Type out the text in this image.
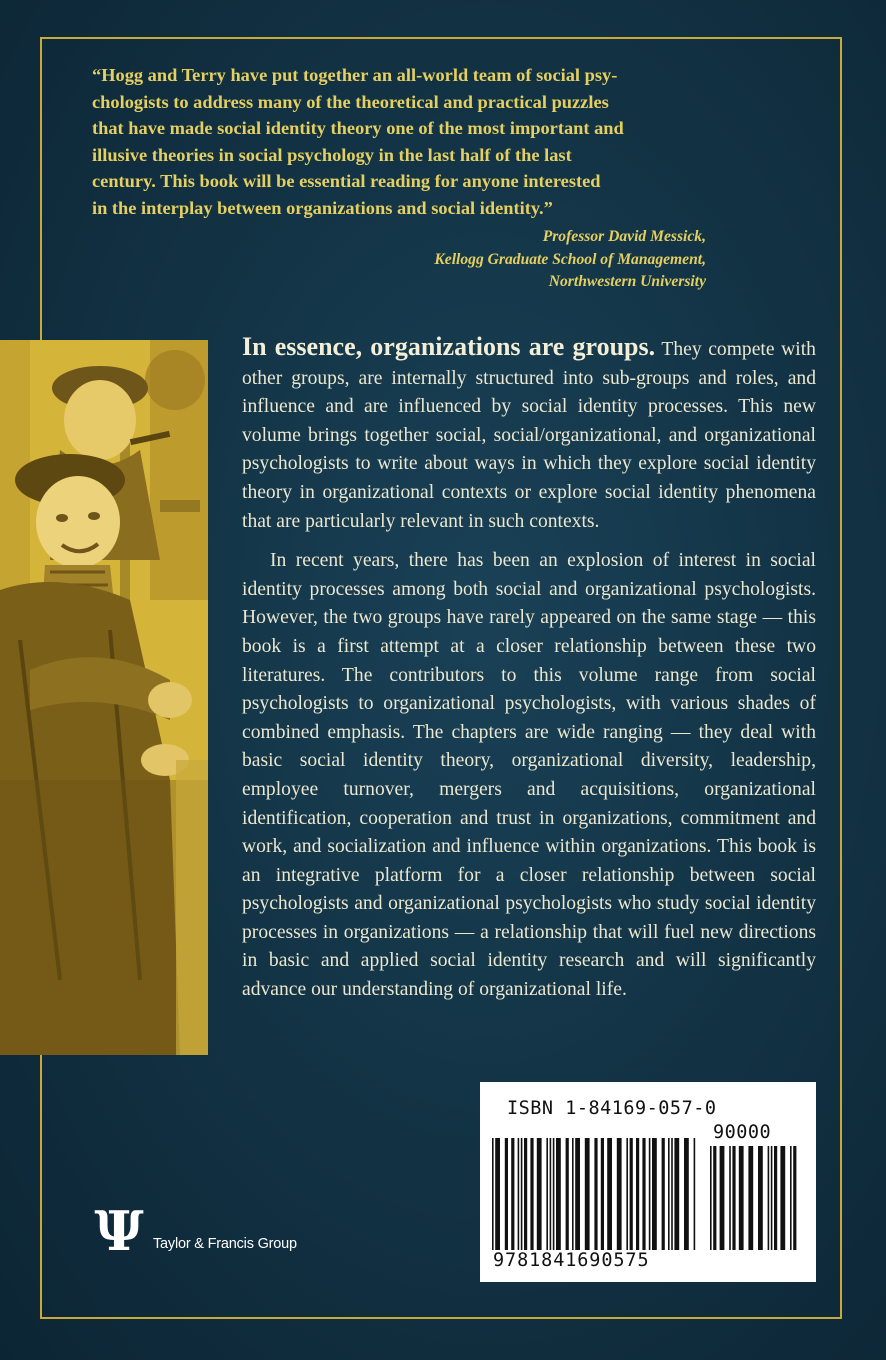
“Hogg and Terry have put together an all-world team of social psy-
chologists to address many of the theoretical and practical puzzles
that have made social identity theory one of the most important and
illusive theories in social psychology in the last half of the last
century. This book will be essential reading for anyone interested
in the interplay between organizations and social identity.”
Professor David Messick,
Kellogg Graduate School of Management,
Northwestern University

In essence, organizations are groups. They compete with other groups, are internally structured into sub-groups and roles, and influence and are influenced by social identity processes. This new volume brings together social, social/organizational, and organizational psychologists to write about ways in which they explore social identity theory in organizational contexts or explore social identity phenomena that are particularly relevant in such contexts.

In recent years, there has been an explosion of interest in social identity processes among both social and organizational psychologists. However, the two groups have rarely appeared on the same stage — this book is a first attempt at a closer relationship between these two literatures. The contributors to this volume range from social psychologists to organizational psychologists, with various shades of combined emphasis. The chapters are wide ranging — they deal with basic social identity theory, organizational diversity, leadership, employee turnover, mergers and acquisitions, organizational identification, cooperation and trust in organizations, commitment and work, and socialization and influence within organizations. This book is an integrative platform for a closer relationship between social psychologists and organizational psychologists who study social identity processes in organizations — a relationship that will fuel new directions in basic and applied social identity research and will significantly advance our understanding of organizational life.

ISBN 1-84169-057-0
90000
9781841690575
Ψ Taylor & Francis Group
